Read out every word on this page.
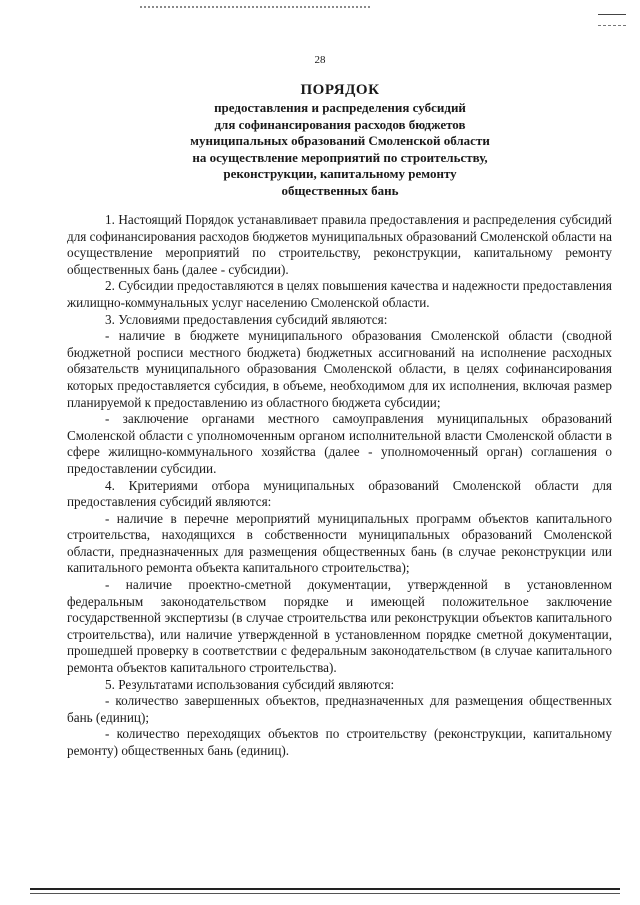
28
ПОРЯДОК
предоставления и распределения субсидий
для софинансирования расходов бюджетов
муниципальных образований Смоленской области
на осуществление мероприятий по строительству,
реконструкции, капитальному ремонту
общественных бань

1. Настоящий Порядок устанавливает правила предоставления и распределения субсидий для софинансирования расходов бюджетов муниципальных образований Смоленской области на осуществление мероприятий по строительству, реконструкции, капитальному ремонту общественных бань (далее - субсидии).

2. Субсидии предоставляются в целях повышения качества и надежности предоставления жилищно-коммунальных услуг населению Смоленской области.

3. Условиями предоставления субсидий являются:

- наличие в бюджете муниципального образования Смоленской области (сводной бюджетной росписи местного бюджета) бюджетных ассигнований на исполнение расходных обязательств муниципального образования Смоленской области, в целях софинансирования которых предоставляется субсидия, в объеме, необходимом для их исполнения, включая размер планируемой к предоставлению из областного бюджета субсидии;

- заключение органами местного самоуправления муниципальных образований Смоленской области с уполномоченным органом исполнительной власти Смоленской области в сфере жилищно-коммунального хозяйства (далее - уполномоченный орган) соглашения о предоставлении субсидии.

4. Критериями отбора муниципальных образований Смоленской области для предоставления субсидий являются:

- наличие в перечне мероприятий муниципальных программ объектов капитального строительства, находящихся в собственности муниципальных образований Смоленской области, предназначенных для размещения общественных бань (в случае реконструкции или капитального ремонта объекта капитального строительства);

- наличие проектно-сметной документации, утвержденной в установленном федеральным законодательством порядке и имеющей положительное заключение государственной экспертизы (в случае строительства или реконструкции объектов капитального строительства), или наличие утвержденной в установленном порядке сметной документации, прошедшей проверку в соответствии с федеральным законодательством (в случае капитального ремонта объектов капитального строительства).

5. Результатами использования субсидий являются:

- количество завершенных объектов, предназначенных для размещения общественных бань (единиц);

- количество переходящих объектов по строительству (реконструкции, капитальному ремонту) общественных бань (единиц).
